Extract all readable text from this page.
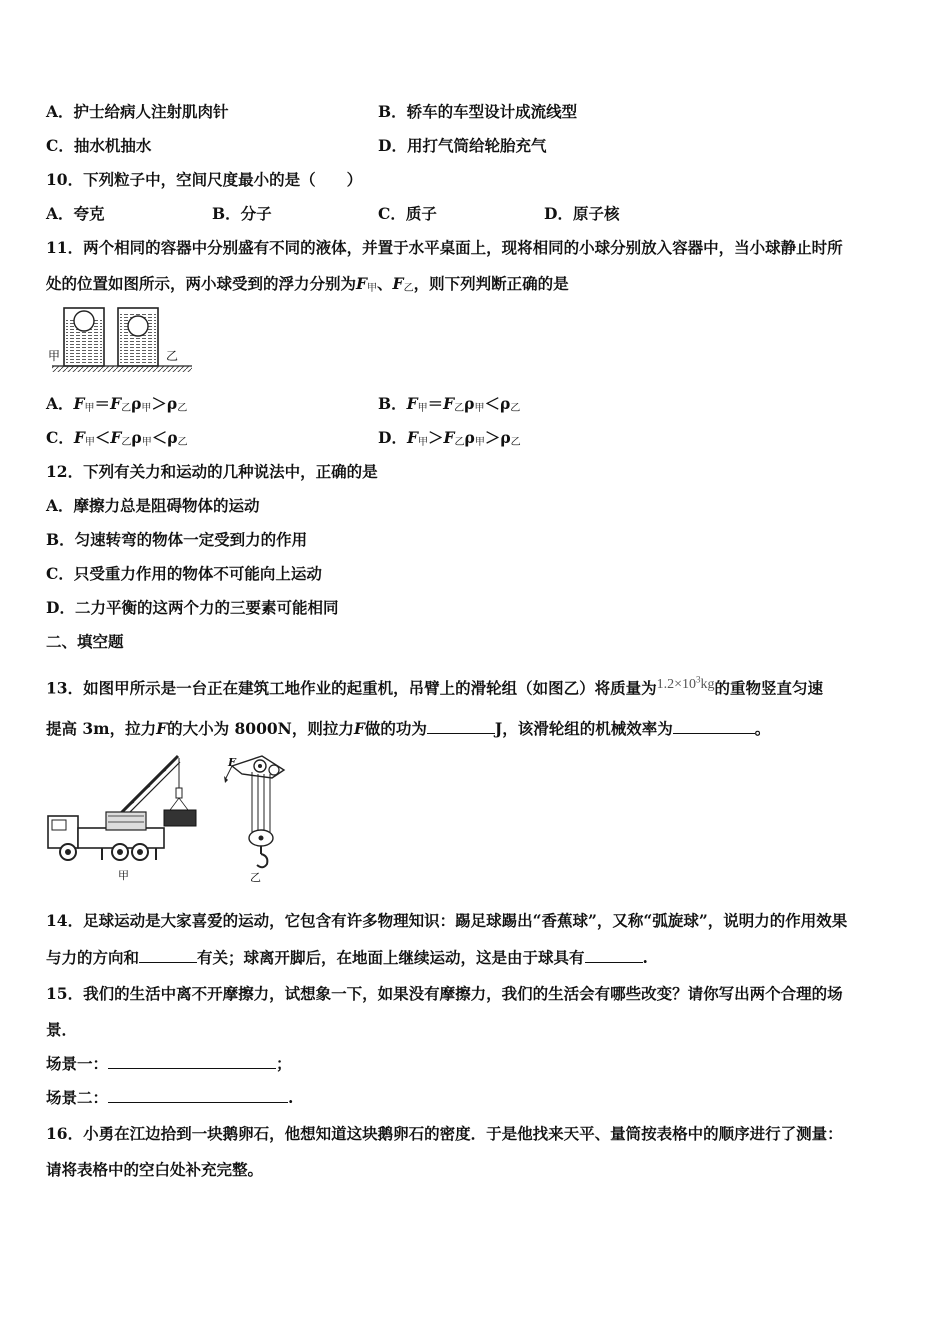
A．护士给病人注射肌肉针	B．轿车的车型设计成流线型
C．抽水机抽水	D．用打气筒给轮胎充气
10．下列粒子中，空间尺度最小的是（　　）
A．夸克	B．分子	C．质子	D．原子核
11．两个相同的容器中分别盛有不同的液体，并置于水平桌面上，现将相同的小球分别放入容器中，当小球静止时所
处的位置如图所示，两小球受到的浮力分别为$F_甲$、$F_乙$，则下列判断正确的是
甲	乙
A．$F_甲=F_乙\rho_甲>\rho_乙$	B．$F_甲=F_乙\rho_甲<\rho_乙$
C．$F_甲<F_乙\rho_甲<\rho_乙$	D．$F_甲>F_乙\rho_甲>\rho_乙$
12．下列有关力和运动的几种说法中，正确的是
A．摩擦力总是阻碍物体的运动
B．匀速转弯的物体一定受到力的作用
C．只受重力作用的物体不可能向上运动
D．二力平衡的这两个力的三要素可能相同
二、填空题
13．如图甲所示是一台正在建筑工地作业的起重机，吊臂上的滑轮组（如图乙）将质量为$1.2\times 10^3kg$的重物竖直匀速
提高 3m，拉力F的大小为 8000N，则拉力F做的功为	J，该滑轮组的机械效率为	。
甲
F
乙
14．足球运动是大家喜爱的运动，它包含有许多物理知识：踢足球踢出“香蕉球”，又称“弧旋球”，说明力的作用效果
与力的方向和	有关；球离开脚后，在地面上继续运动，这是由于球具有	.
15．我们的生活中离不开摩擦力，试想象一下，如果没有摩擦力，我们的生活会有哪些改变？请你写出两个合理的场
景．
场景一：	；
场景二：	.
16．小勇在江边拾到一块鹅卵石，他想知道这块鹅卵石的密度．于是他找来天平、量筒按表格中的顺序进行了测量：
请将表格中的空白处补充完整。
